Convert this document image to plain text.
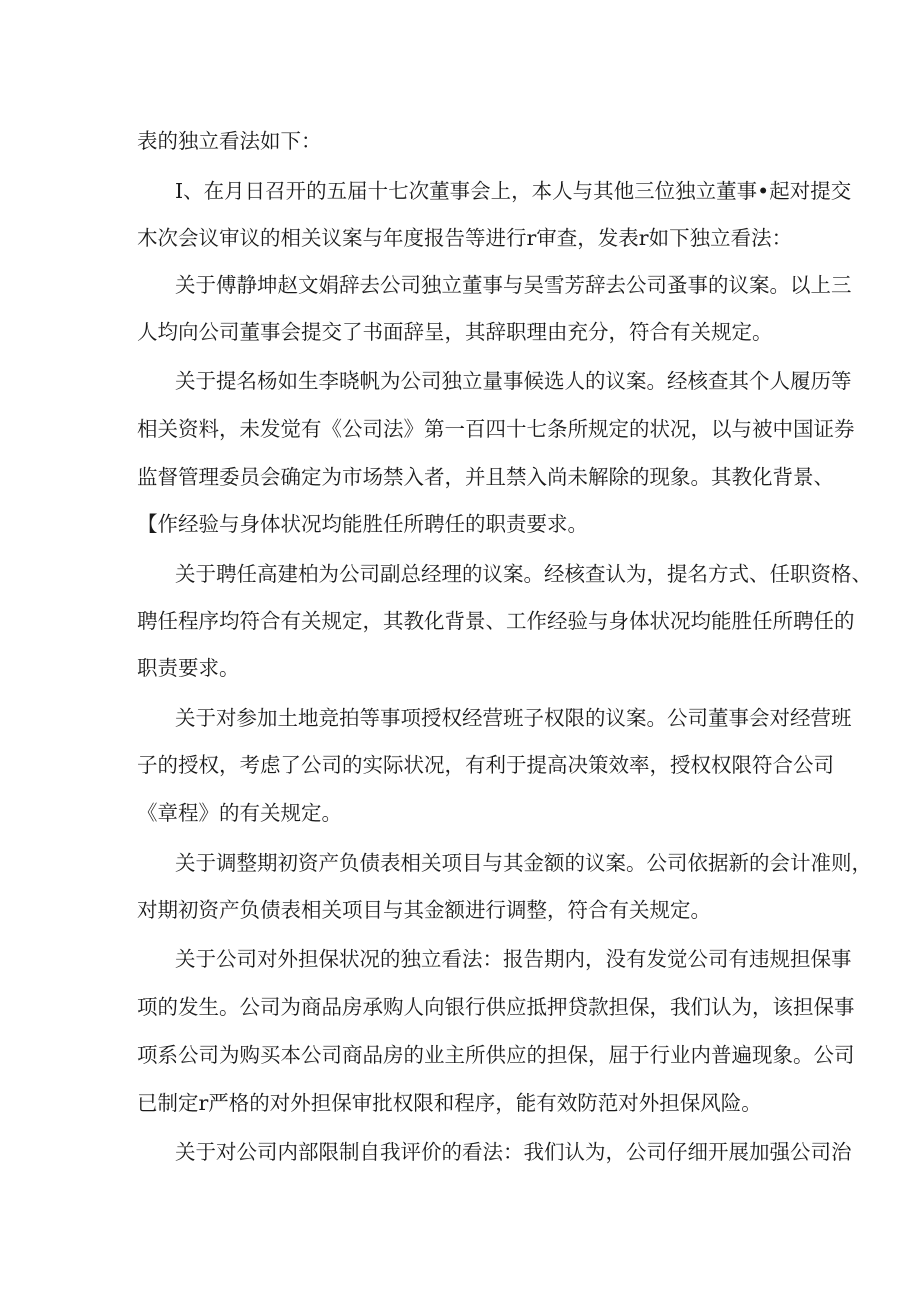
表的独立看法如下：
I、在月日召开的五届十七次董事会上，本人与其他三位独立董事•起对提交
木次会议审议的相关议案与年度报告等进行r审查，发表r如下独立看法：
关于傅静坤赵文娟辞去公司独立董事与吴雪芳辞去公司蚤事的议案。以上三
人均向公司董事会提交了书面辞呈，其辞职理由充分，符合有关规定。
关于提名杨如生李晓帆为公司独立量事候选人的议案。经核查其个人履历等
相关资料，未发觉有《公司法》第一百四十七条所规定的状况，以与被中国证券
监督管理委员会确定为市场禁入者，并且禁入尚未解除的现象。其教化背景、
【作经验与身体状况均能胜任所聘任的职责要求。
关于聘任高建柏为公司副总经理的议案。经核查认为，提名方式、任职资格、
聘任程序均符合有关规定，其教化背景、工作经验与身体状况均能胜任所聘任的
职责要求。
关于对参加土地竞拍等事项授权经营班子权限的议案。公司董事会对经营班
子的授权，考虑了公司的实际状况，有利于提高决策效率，授权权限符合公司
《章程》的有关规定。
关于调整期初资产负债表相关项目与其金额的议案。公司依据新的会计准则，
对期初资产负债表相关项目与其金额进行调整，符合有关规定。
关于公司对外担保状况的独立看法：报告期内，没有发觉公司有违规担保事
项的发生。公司为商品房承购人向银行供应抵押贷款担保，我们认为，该担保事
项系公司为购买本公司商品房的业主所供应的担保，屈于行业内普遍现象。公司
已制定r严格的对外担保审批权限和程序，能有效防范对外担保风险。
关于对公司内部限制自我评价的看法：我们认为，公司仔细开展加强公司治
